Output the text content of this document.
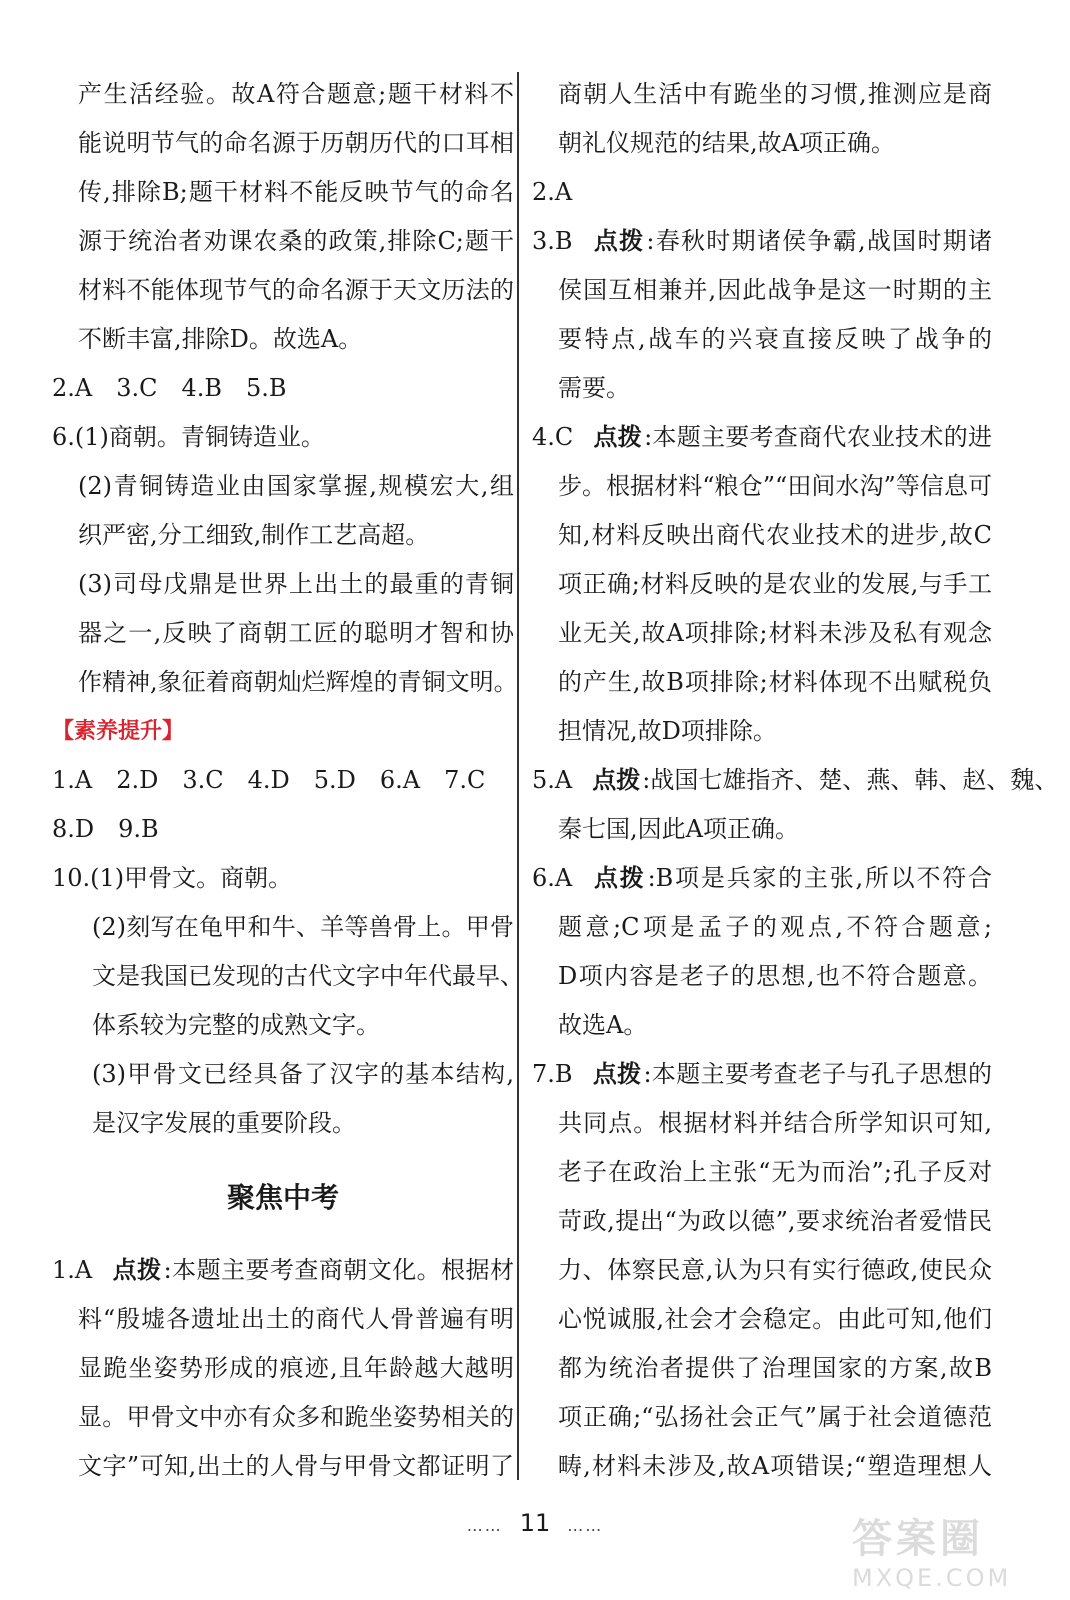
产生活经验。故A符合题意;题干材料不
能说明节气的命名源于历朝历代的口耳相
传,排除B;题干材料不能反映节气的命名
源于统治者劝课农桑的政策,排除C;题干
材料不能体现节气的命名源于天文历法的
不断丰富,排除D。故选A。
2.A　3.C　4.B　5.B
6.(1)商朝。青铜铸造业。
(2)青铜铸造业由国家掌握,规模宏大,组
织严密,分工细致,制作工艺高超。
(3)司母戊鼎是世界上出土的最重的青铜
器之一,反映了商朝工匠的聪明才智和协
作精神,象征着商朝灿烂辉煌的青铜文明。
【素养提升】
1.A　2.D　3.C　4.D　5.D　6.A　7.C
8.D　9.B
10.(1)甲骨文。商朝。
(2)刻写在龟甲和牛、羊等兽骨上。甲骨
文是我国已发现的古代文字中年代最早、
体系较为完整的成熟文字。
(3)甲骨文已经具备了汉字的基本结构,
是汉字发展的重要阶段。
聚焦中考
1.A 点拨:本题主要考查商朝文化。根据材
料“殷墟各遗址出土的商代人骨普遍有明
显跪坐姿势形成的痕迹,且年龄越大越明
显。甲骨文中亦有众多和跪坐姿势相关的
文字”可知,出土的人骨与甲骨文都证明了
商朝人生活中有跪坐的习惯,推测应是商
朝礼仪规范的结果,故A项正确。
2.A
3.B 点拨:春秋时期诸侯争霸,战国时期诸
侯国互相兼并,因此战争是这一时期的主
要特点,战车的兴衰直接反映了战争的
需要。
4.C 点拨:本题主要考查商代农业技术的进
步。根据材料“粮仓”“田间水沟”等信息可
知,材料反映出商代农业技术的进步,故C
项正确;材料反映的是农业的发展,与手工
业无关,故A项排除;材料未涉及私有观念
的产生,故B项排除;材料体现不出赋税负
担情况,故D项排除。
5.A 点拨:战国七雄指齐、楚、燕、韩、赵、魏、
秦七国,因此A项正确。
6.A 点拨:B项是兵家的主张,所以不符合
题意;C项是孟子的观点,不符合题意;
D项内容是老子的思想,也不符合题意。
故选A。
7.B 点拨:本题主要考查老子与孔子思想的
共同点。根据材料并结合所学知识可知,
老子在政治上主张“无为而治”;孔子反对
苛政,提出“为政以德”,要求统治者爱惜民
力、体察民意,认为只有实行德政,使民众
心悦诚服,社会才会稳定。由此可知,他们
都为统治者提供了治理国家的方案,故B
项正确;“弘扬社会正气”属于社会道德范
畴,材料未涉及,故A项错误;“塑造理想人
…… 11 ……	答案圈
MXQE.COM
